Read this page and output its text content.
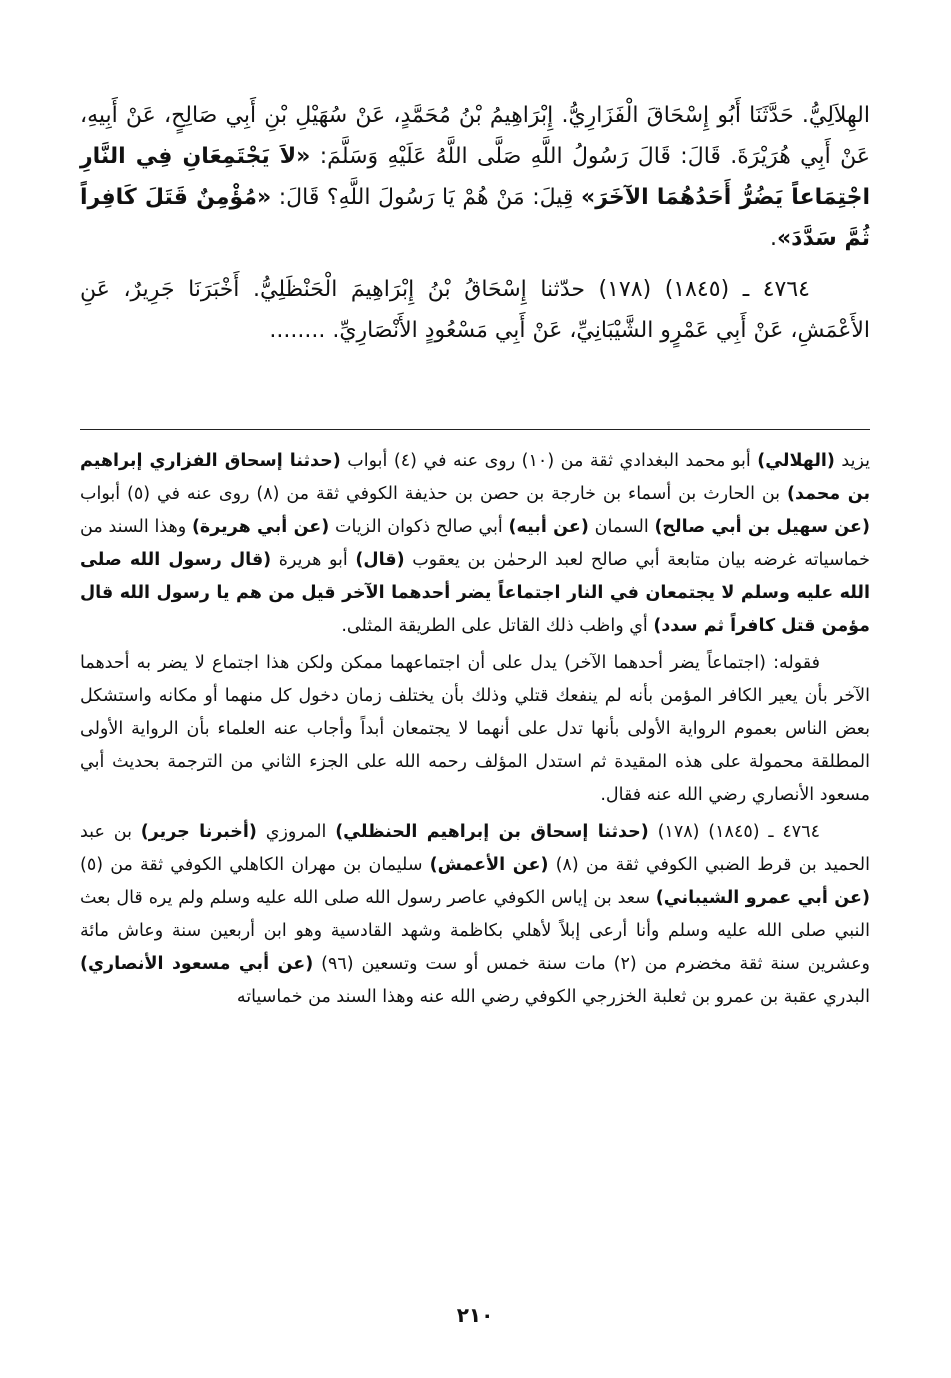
الهِلاَلِيُّ. حَدَّثَنَا أَبُو إِسْحَاقَ الْفَزَارِيُّ. إِبْرَاهِيمُ بْنُ مُحَمَّدٍ، عَنْ سُهَيْلِ بْنِ أَبِي صَالِحٍ، عَنْ أَبِيهِ، عَنْ أَبِي هُرَيْرَةَ. قَالَ: قَالَ رَسُولُ اللَّهِ صَلَّى اللَّهُ عَلَيْهِ وَسَلَّمَ: «لاَ يَجْتَمِعَانِ فِي النَّارِ اجْتِمَاعاً يَضُرُّ أَحَدُهُمَا الآخَرَ» قِيلَ: مَنْ هُمْ يَا رَسُولَ اللَّهِ؟ قَالَ: «مُؤْمِنٌ قَتَلَ كَافِراً ثُمَّ سَدَّدَ».

٤٧٦٤ ـ (١٨٤٥) (١٧٨) حدّثنا إِسْحَاقُ بْنُ إِبْرَاهِيمَ الْحَنْظَلِيُّ. أَخْبَرَنَا جَرِيرٌ، عَنِ الأَعْمَشِ، عَنْ أَبِي عَمْرٍو الشَّيْبَانِيِّ، عَنْ أَبِي مَسْعُودٍ الأَنْصَارِيِّ. ........

يزيد (الهلالي) أبو محمد البغدادي ثقة من (١٠) روى عنه في (٤) أبواب (حدثنا إسحاق الفزاري إبراهيم بن محمد) بن الحارث بن أسماء بن خارجة بن حصن بن حذيفة الكوفي ثقة من (٨) روى عنه في (٥) أبواب (عن سهيل بن أبي صالح) السمان (عن أبيه) أبي صالح ذكوان الزيات (عن أبي هريرة) وهذا السند من خماسياته غرضه بيان متابعة أبي صالح لعبد الرحمٰن بن يعقوب (قال) أبو هريرة (قال رسول الله صلى الله عليه وسلم لا يجتمعان في النار اجتماعاً يضر أحدهما الآخر قيل من هم يا رسول الله قال مؤمن قتل كافراً ثم سدد) أي واظب ذلك القاتل على الطريقة المثلى.

فقوله: (اجتماعاً يضر أحدهما الآخر) يدل على أن اجتماعهما ممكن ولكن هذا اجتماع لا يضر به أحدهما الآخر بأن يعير الكافر المؤمن بأنه لم ينفعك قتلي وذلك بأن يختلف زمان دخول كل منهما أو مكانه واستشكل بعض الناس بعموم الرواية الأولى بأنها تدل على أنهما لا يجتمعان أبداً وأجاب عنه العلماء بأن الرواية الأولى المطلقة محمولة على هذه المقيدة ثم استدل المؤلف رحمه الله على الجزء الثاني من الترجمة بحديث أبي مسعود الأنصاري رضي الله عنه فقال.

٤٧٦٤ ـ (١٨٤٥) (١٧٨) (حدثنا إسحاق بن إبراهيم الحنظلي) المروزي (أخبرنا جرير) بن عبد الحميد بن قرط الضبي الكوفي ثقة من (٨) (عن الأعمش) سليمان بن مهران الكاهلي الكوفي ثقة من (٥) (عن أبي عمرو الشيباني) سعد بن إياس الكوفي عاصر رسول الله صلى الله عليه وسلم ولم يره قال بعث النبي صلى الله عليه وسلم وأنا أرعى إبلاً لأهلي بكاظمة وشهد القادسية وهو ابن أربعين سنة وعاش مائة وعشرين سنة ثقة مخضرم من (٢) مات سنة خمس أو ست وتسعين (٩٦) (عن أبي مسعود الأنصاري) البدري عقبة بن عمرو بن ثعلبة الخزرجي الكوفي رضي الله عنه وهذا السند من خماسياته

٢١٠
